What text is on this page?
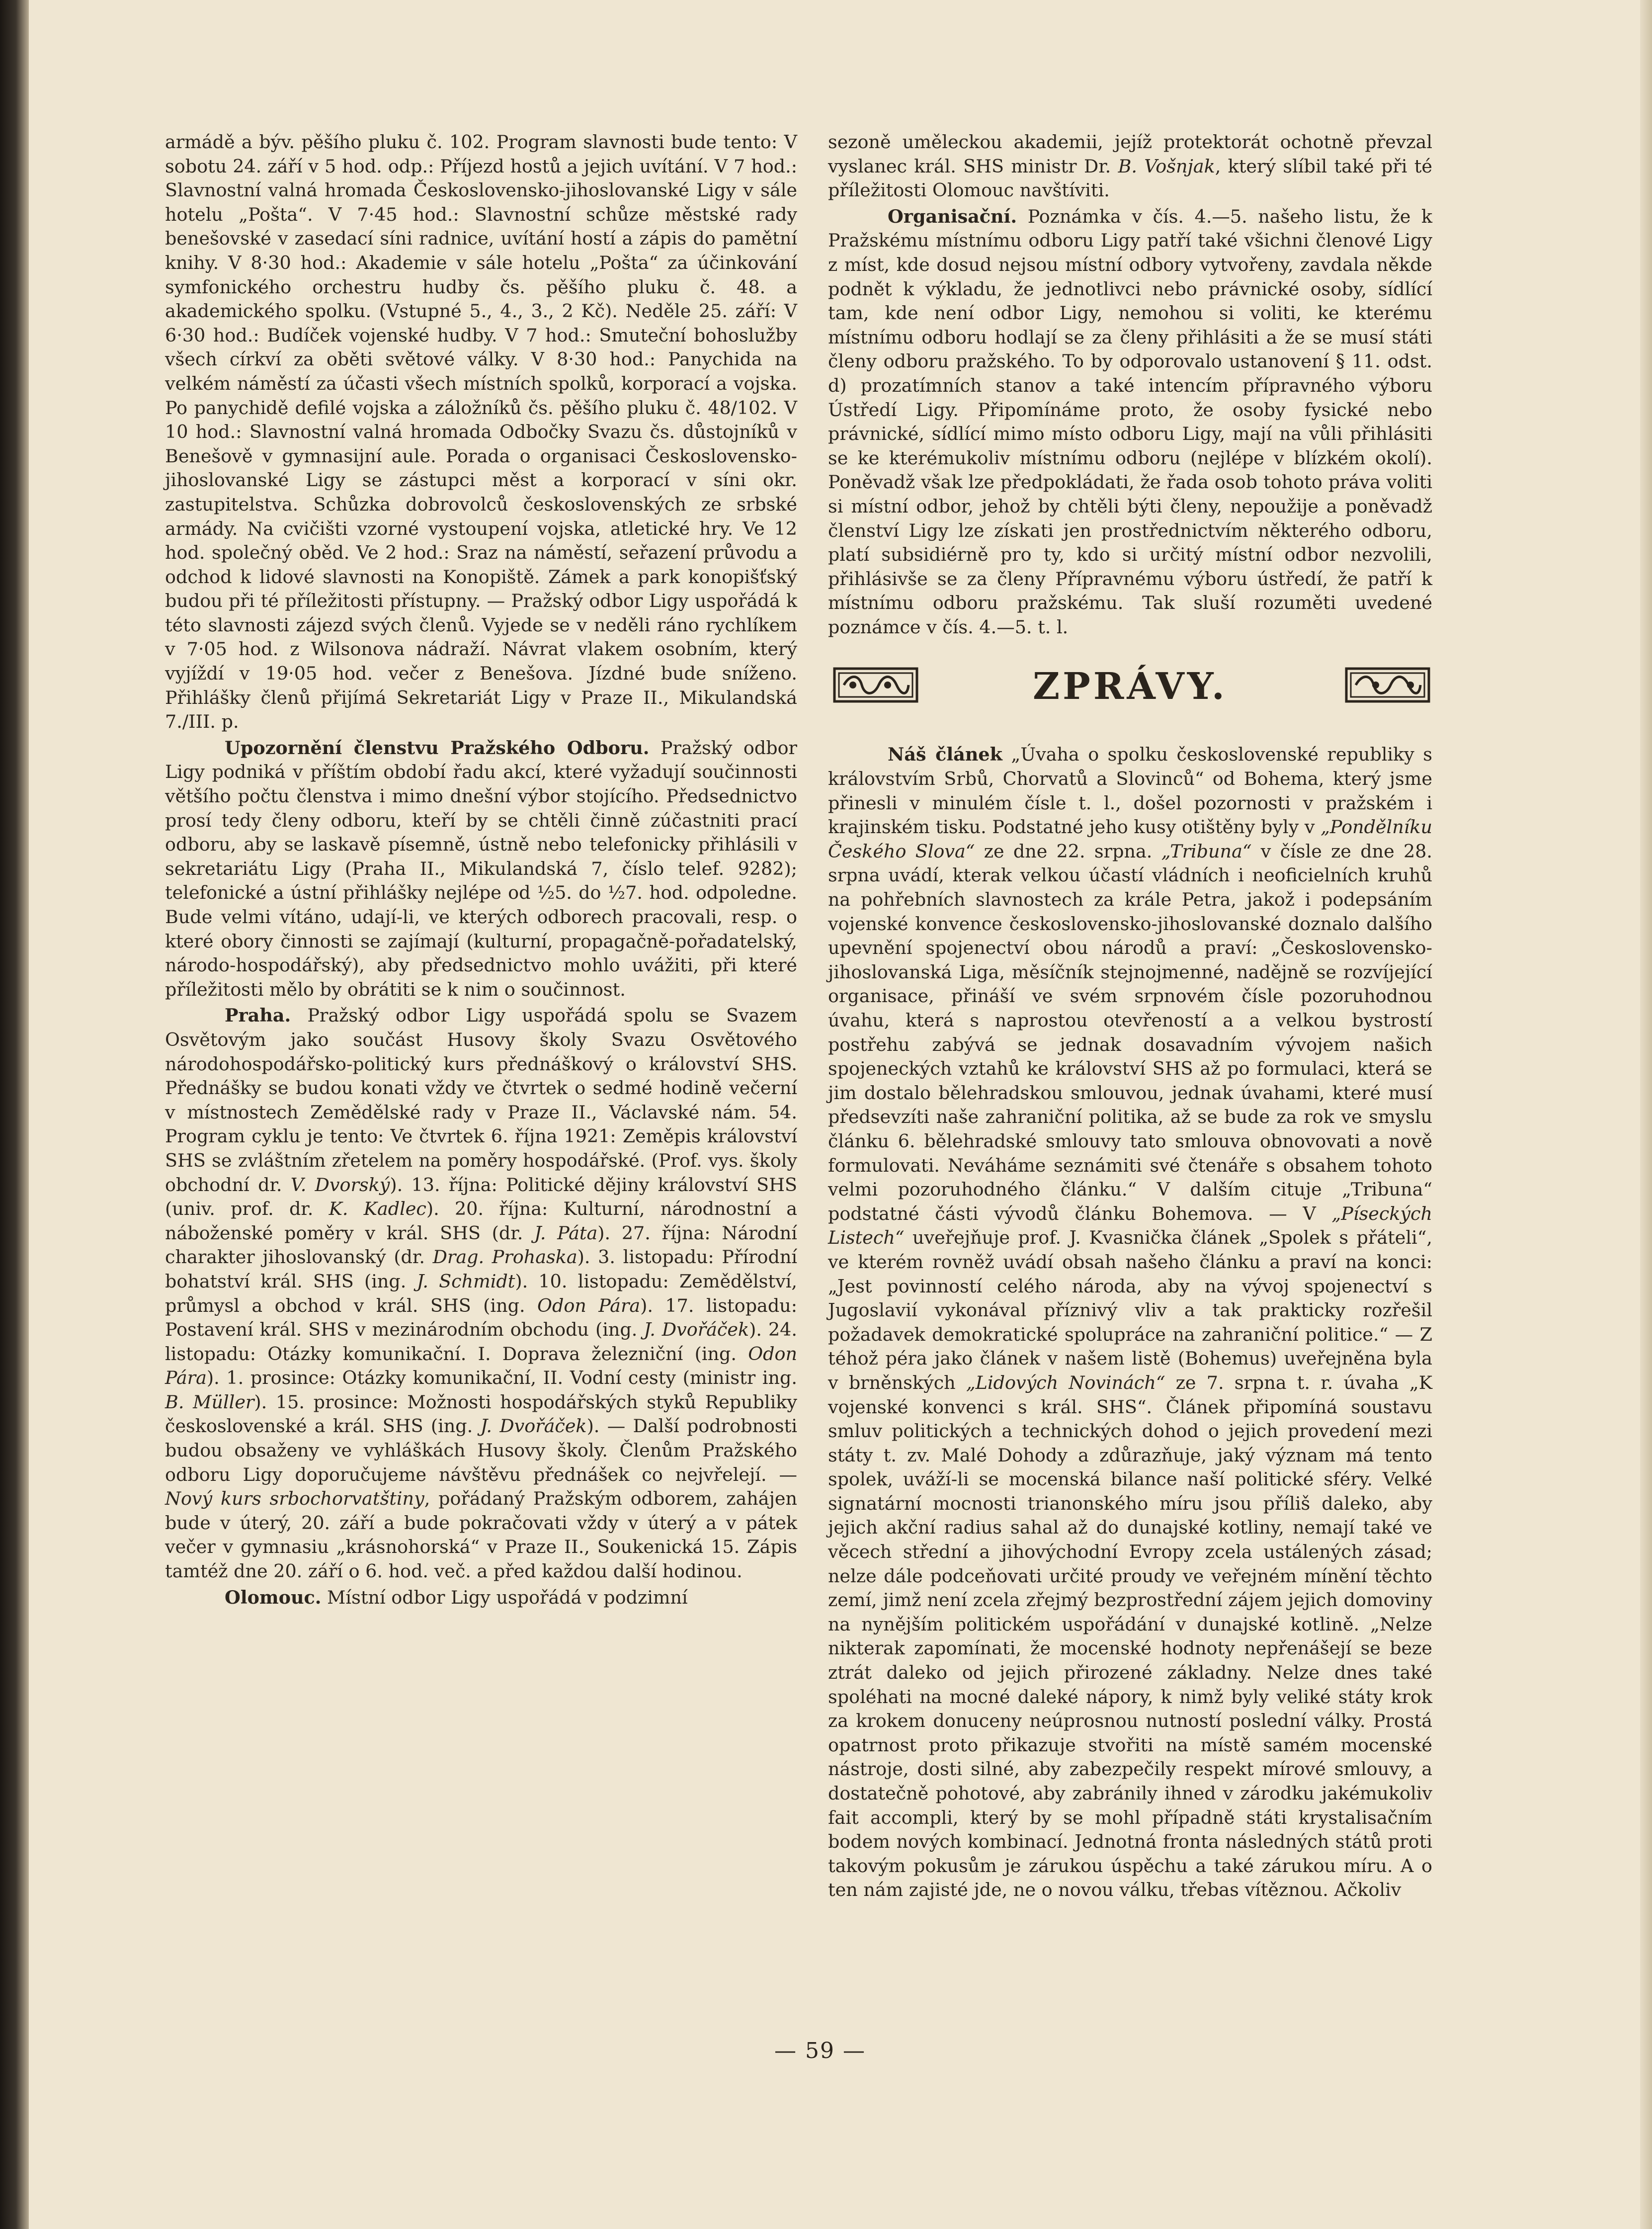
armádě a býv. pěšího pluku č. 102. Program slavnosti bude tento: V sobotu 24. září v 5 hod. odp.: Příjezd hostů a jejich uvítání. V 7 hod.: Slavnostní valná hromada Československo-jihoslovanské Ligy v sále hotelu „Pošta“. V 7·45 hod.: Slavnostní schůze městské rady benešovské v zasedací síni radnice, uvítání hostí a zápis do pamětní knihy. V 8·30 hod.: Akademie v sále hotelu „Pošta“ za účinkování symfonického orchestru hudby čs. pěšího pluku č. 48. a akademického spolku. (Vstupné 5., 4., 3., 2 Kč). Neděle 25. září: V 6·30 hod.: Budíček vojenské hudby. V 7 hod.: Smuteční bohoslužby všech církví za oběti světové války. V 8·30 hod.: Panychida na velkém náměstí za účasti všech místních spolků, korporací a vojska. Po panychidě defilé vojska a záložníků čs. pěšího pluku č. 48/102. V 10 hod.: Slavnostní valná hromada Odbočky Svazu čs. důstojníků v Benešově v gymnasijní aule. Porada o organisaci Československo-jihoslovanské Ligy se zástupci měst a korporací v síni okr. zastupitelstva. Schůzka dobrovolců československých ze srbské armády. Na cvičišti vzorné vystoupení vojska, atletické hry. Ve 12 hod. společný oběd. Ve 2 hod.: Sraz na náměstí, seřazení průvodu a odchod k lidové slavnosti na Konopiště. Zámek a park konopišťský budou při té příležitosti přístupny. — Pražský odbor Ligy uspořádá k této slavnosti zájezd svých členů. Vyjede se v neděli ráno rychlíkem v 7·05 hod. z Wilsonova nádraží. Návrat vlakem osobním, který vyjíždí v 19·05 hod. večer z Benešova. Jízdné bude sníženo. Přihlášky členů přijímá Sekretariát Ligy v Praze II., Mikulandská 7./III. p.

Upozornění členstvu Pražského Odboru. Pražský odbor Ligy podniká v příštím období řadu akcí, které vyžadují součinnosti většího počtu členstva i mimo dnešní výbor stojícího. Předsednictvo prosí tedy členy odboru, kteří by se chtěli činně zúčastniti prací odboru, aby se laskavě písemně, ústně nebo telefonicky přihlásili v sekretariátu Ligy (Praha II., Mikulandská 7, číslo telef. 9282); telefonické a ústní přihlášky nejlépe od ½5. do ½7. hod. odpoledne. Bude velmi vítáno, udají-li, ve kterých odborech pracovali, resp. o které obory činnosti se zajímají (kulturní, propagačně-pořadatelský, národo-hospodářský), aby předsednictvo mohlo uvážiti, při které příležitosti mělo by obrátiti se k nim o součinnost.

Praha. Pražský odbor Ligy uspořádá spolu se Svazem Osvětovým jako součást Husovy školy Svazu Osvětového národohospodářsko-politický kurs přednáškový o království SHS. Přednášky se budou konati vždy ve čtvrtek o sedmé hodině večerní v místnostech Zemědělské rady v Praze II., Václavské nám. 54. Program cyklu je tento: Ve čtvrtek 6. října 1921: Zeměpis království SHS se zvláštním zřetelem na poměry hospodářské. (Prof. vys. školy obchodní dr. V. Dvorský). 13. října: Politické dějiny království SHS (univ. prof. dr. K. Kadlec). 20. října: Kulturní, národnostní a náboženské poměry v král. SHS (dr. J. Páta). 27. října: Národní charakter jihoslovanský (dr. Drag. Prohaska). 3. listopadu: Přírodní bohatství král. SHS (ing. J. Schmidt). 10. listopadu: Zemědělství, průmysl a obchod v král. SHS (ing. Odon Pára). 17. listopadu: Postavení král. SHS v mezinárodním obchodu (ing. J. Dvořáček). 24. listopadu: Otázky komunikační. I. Doprava železniční (ing. Odon Pára). 1. prosince: Otázky komunikační, II. Vodní cesty (ministr ing. B. Müller). 15. prosince: Možnosti hospodářských styků Republiky československé a král. SHS (ing. J. Dvořáček). — Další podrobnosti budou obsaženy ve vyhláškách Husovy školy. Členům Pražského odboru Ligy doporučujeme návštěvu přednášek co nejvřelejí. — Nový kurs srbochorvatštiny, pořádaný Pražským odborem, zahájen bude v úterý, 20. září a bude pokračovati vždy v úterý a v pátek večer v gymnasiu „krásnohorská“ v Praze II., Soukenická 15. Zápis tamtéž dne 20. září o 6. hod. več. a před každou další hodinou.

Olomouc. Místní odbor Ligy uspořádá v podzimní

sezoně uměleckou akademii, jejíž protektorát ochotně převzal vyslanec král. SHS ministr Dr. B. Vošnjak, který slíbil také při té příležitosti Olomouc navštíviti.

Organisační. Poznámka v čís. 4.—5. našeho listu, že k Pražskému místnímu odboru Ligy patří také všichni členové Ligy z míst, kde dosud nejsou místní odbory vytvořeny, zavdala někde podnět k výkladu, že jednotlivci nebo právnické osoby, sídlící tam, kde není odbor Ligy, nemohou si voliti, ke kterému místnímu odboru hodlají se za členy přihlásiti a že se musí státi členy odboru pražského. To by odporovalo ustanovení § 11. odst. d) prozatímních stanov a také intencím přípravného výboru Ústředí Ligy. Připomínáme proto, že osoby fysické nebo právnické, sídlící mimo místo odboru Ligy, mají na vůli přihlásiti se ke kterémukoliv místnímu odboru (nejlépe v blízkém okolí). Poněvadž však lze předpokládati, že řada osob tohoto práva voliti si místní odbor, jehož by chtěli býti členy, nepoužije a poněvadž členství Ligy lze získati jen prostřednictvím některého odboru, platí subsidiérně pro ty, kdo si určitý místní odbor nezvolili, přihlásivše se za členy Přípravnému výboru ústředí, že patří k místnímu odboru pražskému. Tak sluší rozuměti uvedené poznámce v čís. 4.—5. t. l.

ZPRÁVY.

Náš článek „Úvaha o spolku československé republiky s královstvím Srbů, Chorvatů a Slovinců“ od Bohema, který jsme přinesli v minulém čísle t. l., došel pozornosti v pražském i krajinském tisku. Podstatné jeho kusy otištěny byly v „Pondělníku Českého Slova“ ze dne 22. srpna. „Tribuna“ v čísle ze dne 28. srpna uvádí, kterak velkou účastí vládních i neoficielních kruhů na pohřebních slavnostech za krále Petra, jakož i podepsáním vojenské konvence československo-jihoslovanské doznalo dalšího upevnění spojenectví obou národů a praví: „Československo-jihoslovanská Liga, měsíčník stejnojmenné, nadějně se rozvíjející organisace, přináší ve svém srpnovém čísle pozoruhodnou úvahu, která s naprostou otevřeností a a velkou bystrostí postřehu zabývá se jednak dosavadním vývojem našich spojeneckých vztahů ke království SHS až po formulaci, která se jim dostalo bělehradskou smlouvou, jednak úvahami, které musí předsevzíti naše zahraniční politika, až se bude za rok ve smyslu článku 6. bělehradské smlouvy tato smlouva obnovovati a nově formulovati. Neváháme seznámiti své čtenáře s obsahem tohoto velmi pozoruhodného článku.“ V dalším cituje „Tribuna“ podstatné části vývodů článku Bohemova. — V „Píseckých Listech“ uveřejňuje prof. J. Kvasnička článek „Spolek s přáteli“, ve kterém rovněž uvádí obsah našeho článku a praví na konci: „Jest povinností celého národa, aby na vývoj spojenectví s Jugoslavií vykonával příznivý vliv a tak prakticky rozřešil požadavek demokratické spolupráce na zahraniční politice.“ — Z téhož péra jako článek v našem listě (Bohemus) uveřejněna byla v brněnských „Lidových Novinách“ ze 7. srpna t. r. úvaha „K vojenské konvenci s král. SHS“. Článek připomíná soustavu smluv politických a technických dohod o jejich provedení mezi státy t. zv. Malé Dohody a zdůrazňuje, jaký význam má tento spolek, uváží-li se mocenská bilance naší politické sféry. Velké signatární mocnosti trianonského míru jsou příliš daleko, aby jejich akční radius sahal až do dunajské kotliny, nemají také ve věcech střední a jihovýchodní Evropy zcela ustálených zásad; nelze dále podceňovati určité proudy ve veřejném mínění těchto zemí, jimž není zcela zřejmý bezprostřední zájem jejich domoviny na nynějším politickém uspořádání v dunajské kotlině. „Nelze nikterak zapomínati, že mocenské hodnoty nepřenášejí se beze ztrát daleko od jejich přirozené základny. Nelze dnes také spoléhati na mocné daleké nápory, k nimž byly veliké státy krok za krokem donuceny neúprosnou nutností poslední války. Prostá opatrnost proto přikazuje stvořiti na místě samém mocenské nástroje, dosti silné, aby zabezpečily respekt mírové smlouvy, a dostatečně pohotové, aby zabránily ihned v zárodku jakémukoliv fait accompli, který by se mohl případně státi krystalisačním bodem nových kombinací. Jednotná fronta následných států proti takovým pokusům je zárukou úspěchu a také zárukou míru. A o ten nám zajisté jde, ne o novou válku, třebas vítěznou. Ačkoliv

— 59 —
